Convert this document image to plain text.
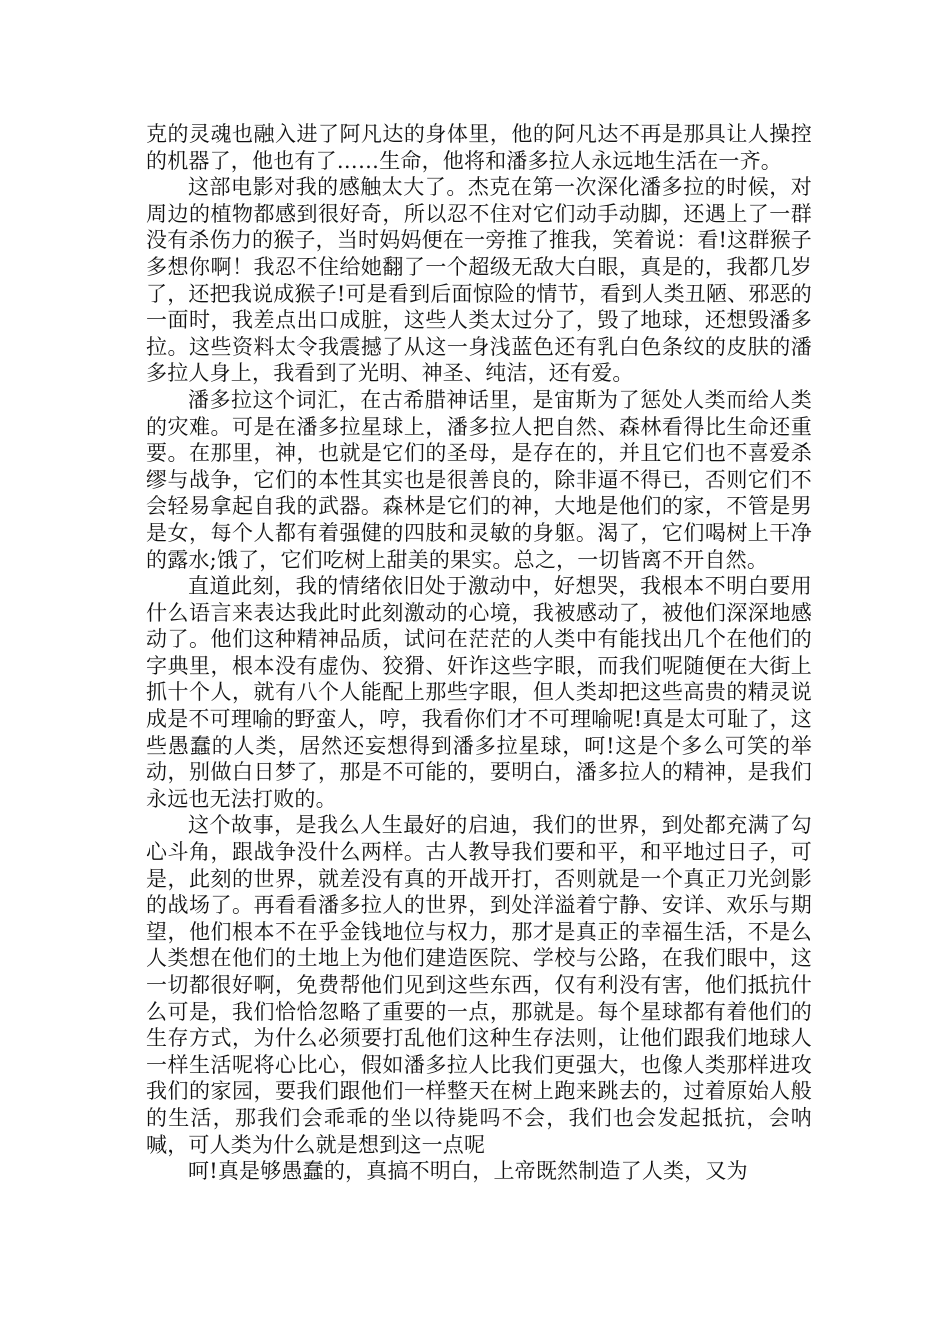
克的灵魂也融入进了阿凡达的身体里，他的阿凡达不再是那具让人操控的机器了，他也有了……生命，他将和潘多拉人永远地生活在一齐。

这部电影对我的感触太大了。杰克在第一次深化潘多拉的时候，对周边的植物都感到很好奇，所以忍不住对它们动手动脚，还遇上了一群没有杀伤力的猴子，当时妈妈便在一旁推了推我，笑着说：看!这群猴子多想你啊！我忍不住给她翻了一个超级无敌大白眼，真是的，我都几岁了，还把我说成猴子!可是看到后面惊险的情节，看到人类丑陋、邪恶的一面时，我差点出口成脏，这些人类太过分了，毁了地球，还想毁潘多拉。这些资料太令我震撼了从这一身浅蓝色还有乳白色条纹的皮肤的潘多拉人身上，我看到了光明、神圣、纯洁，还有爱。

潘多拉这个词汇，在古希腊神话里，是宙斯为了惩处人类而给人类的灾难。可是在潘多拉星球上，潘多拉人把自然、森林看得比生命还重要。在那里，神，也就是它们的圣母，是存在的，并且它们也不喜爱杀缪与战争，它们的本性其实也是很善良的，除非逼不得已，否则它们不会轻易拿起自我的武器。森林是它们的神，大地是他们的家，不管是男是女，每个人都有着强健的四肢和灵敏的身躯。渴了，它们喝树上干净的露水;饿了，它们吃树上甜美的果实。总之，一切皆离不开自然。

直道此刻，我的情绪依旧处于激动中，好想哭，我根本不明白要用什么语言来表达我此时此刻激动的心境，我被感动了，被他们深深地感动了。他们这种精神品质，试问在茫茫的人类中有能找出几个在他们的字典里，根本没有虚伪、狡猾、奸诈这些字眼，而我们呢随便在大街上抓十个人，就有八个人能配上那些字眼，但人类却把这些高贵的精灵说成是不可理喻的野蛮人，哼，我看你们才不可理喻呢!真是太可耻了，这些愚蠢的人类，居然还妄想得到潘多拉星球，呵!这是个多么可笑的举动，别做白日梦了，那是不可能的，要明白，潘多拉人的精神，是我们永远也无法打败的。

这个故事，是我么人生最好的启迪，我们的世界，到处都充满了勾心斗角，跟战争没什么两样。古人教导我们要和平，和平地过日子，可是，此刻的世界，就差没有真的开战开打，否则就是一个真正刀光剑影的战场了。再看看潘多拉人的世界，到处洋溢着宁静、安详、欢乐与期望，他们根本不在乎金钱地位与权力，那才是真正的幸福生活，不是么人类想在他们的土地上为他们建造医院、学校与公路，在我们眼中，这一切都很好啊，免费帮他们见到这些东西，仅有利没有害，他们抵抗什么可是，我们恰恰忽略了重要的一点，那就是。每个星球都有着他们的生存方式，为什么必须要打乱他们这种生存法则，让他们跟我们地球人一样生活呢将心比心，假如潘多拉人比我们更强大，也像人类那样进攻我们的家园，要我们跟他们一样整天在树上跑来跳去的，过着原始人般的生活，那我们会乖乖的坐以待毙吗不会，我们也会发起抵抗，会呐喊，可人类为什么就是想到这一点呢

呵!真是够愚蠢的，真搞不明白，上帝既然制造了人类，又为
